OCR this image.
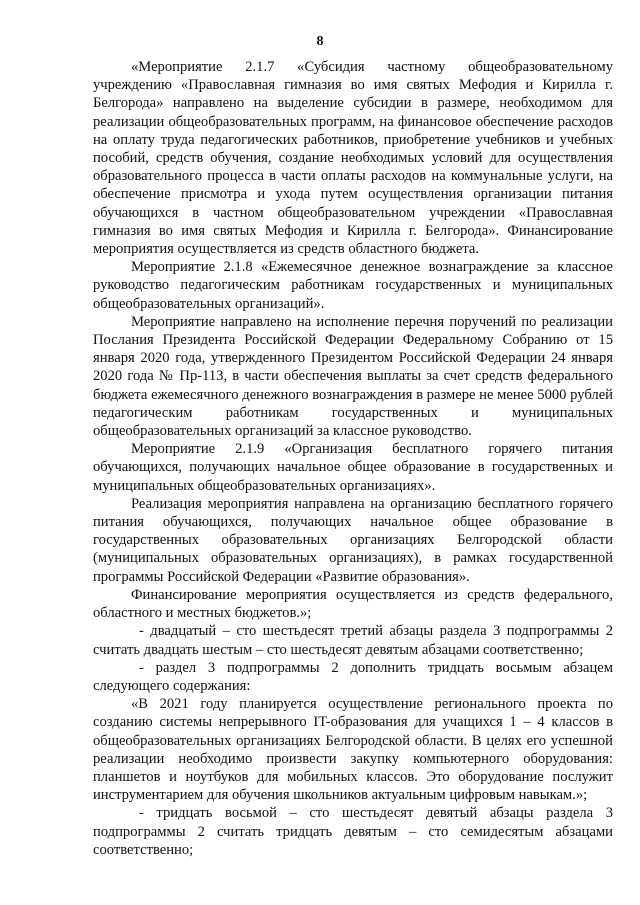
8

«Мероприятие 2.1.7 «Субсидия частному общеобразовательному учреждению «Православная гимназия во имя святых Мефодия и Кирилла г. Белгорода» направлено на выделение субсидии в размере, необходимом для реализации общеобразовательных программ, на финансовое обеспечение расходов на оплату труда педагогических работников, приобретение учебников и учебных пособий, средств обучения, создание необходимых условий для осуществления образовательного процесса в части оплаты расходов на коммунальные услуги, на обеспечение присмотра и ухода путем осуществления организации питания обучающихся в частном общеобразовательном учреждении «Православная гимназия во имя святых Мефодия и Кирилла г. Белгорода». Финансирование мероприятия осуществляется из средств областного бюджета.

Мероприятие 2.1.8 «Ежемесячное денежное вознаграждение за классное руководство педагогическим работникам государственных и муниципальных общеобразовательных организаций».

Мероприятие направлено на исполнение перечня поручений по реализации Послания Президента Российской Федерации Федеральному Собранию от 15 января 2020 года, утвержденного Президентом Российской Федерации 24 января 2020 года № Пр-113, в части обеспечения выплаты за счет средств федерального бюджета ежемесячного денежного вознаграждения в размере не менее 5000 рублей педагогическим работникам государственных и муниципальных общеобразовательных организаций за классное руководство.

Мероприятие 2.1.9 «Организация бесплатного горячего питания обучающихся, получающих начальное общее образование в государственных и муниципальных общеобразовательных организациях».

Реализация мероприятия направлена на организацию бесплатного горячего питания обучающихся, получающих начальное общее образование в государственных образовательных организациях Белгородской области (муниципальных образовательных организациях), в рамках государственной программы Российской Федерации «Развитие образования».

Финансирование мероприятия осуществляется из средств федерального, областного и местных бюджетов.»;

- двадцатый – сто шестьдесят третий абзацы раздела 3 подпрограммы 2 считать двадцать шестым – сто шестьдесят девятым абзацами соответственно;

- раздел 3 подпрограммы 2 дополнить тридцать восьмым абзацем следующего содержания:

«В 2021 году планируется осуществление регионального проекта по созданию системы непрерывного IT-образования для учащихся 1 – 4 классов в общеобразовательных организациях Белгородской области. В целях его успешной реализации необходимо произвести закупку компьютерного оборудования: планшетов и ноутбуков для мобильных классов. Это оборудование послужит инструментарием для обучения школьников актуальным цифровым навыкам.»;

- тридцать восьмой – сто шестьдесят девятый абзацы раздела 3 подпрограммы 2 считать тридцать девятым – сто семидесятым абзацами соответственно;
